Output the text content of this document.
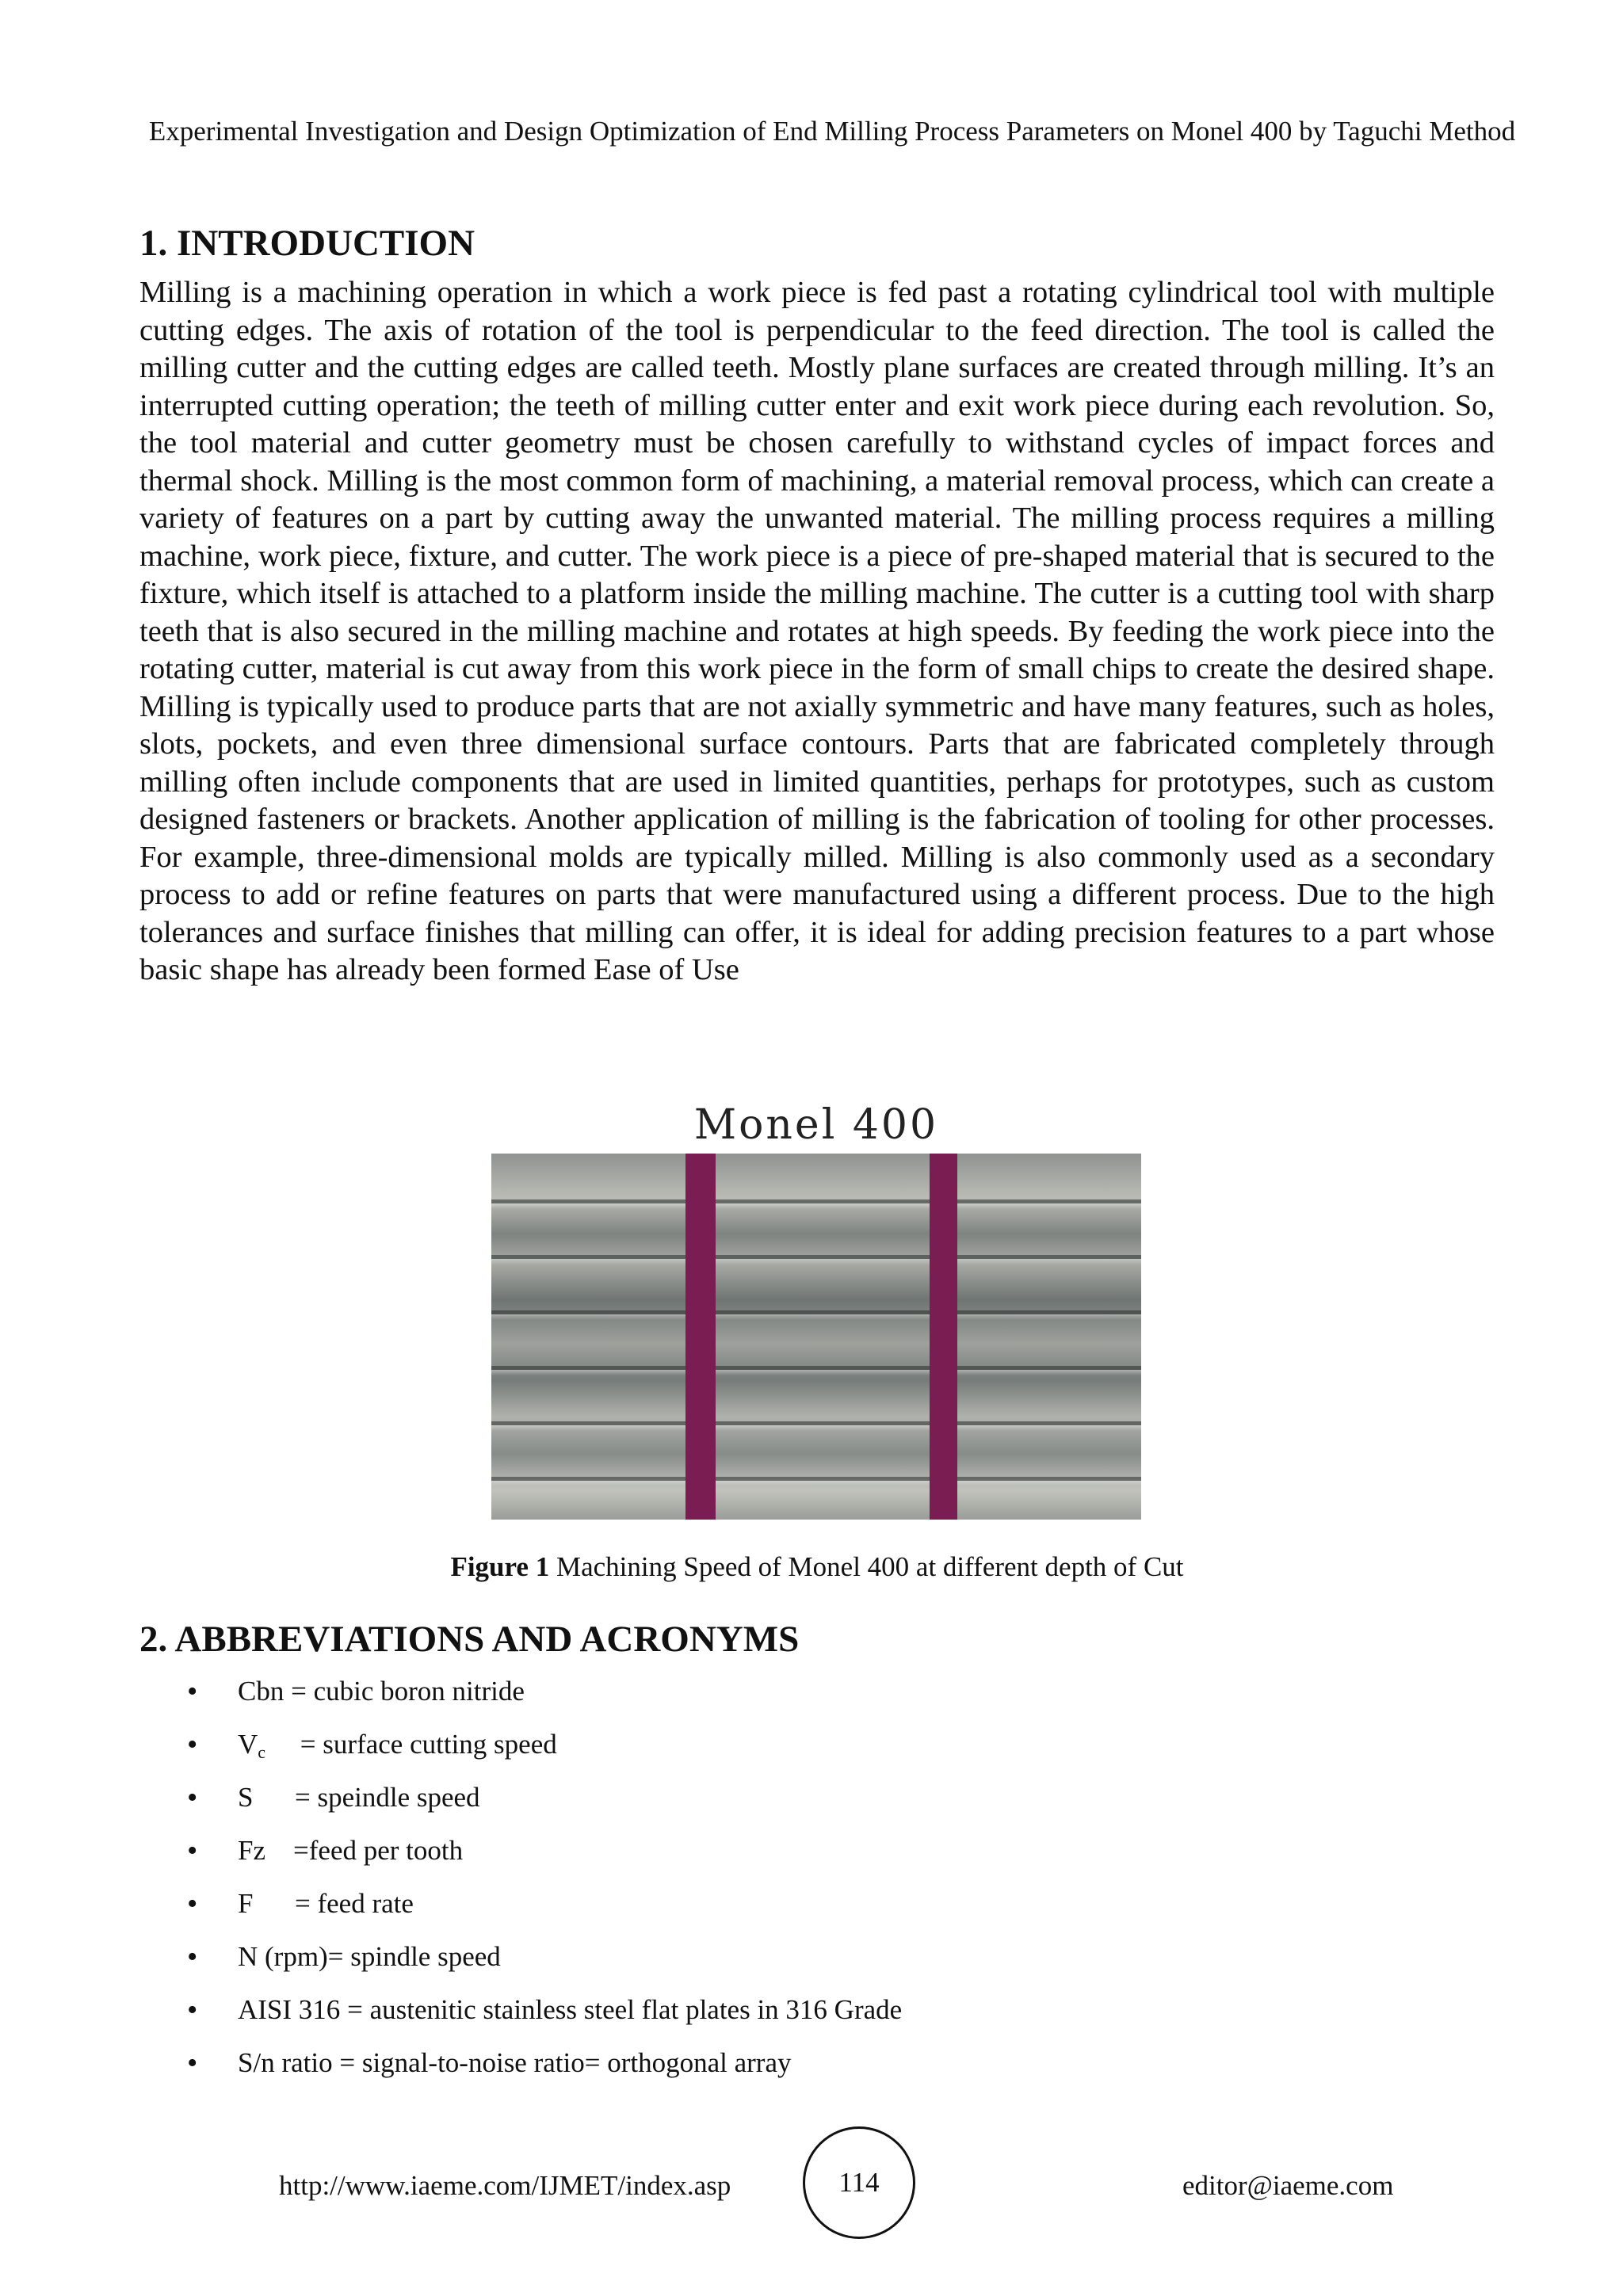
Experimental Investigation and Design Optimization of End Milling Process Parameters on Monel 400 by Taguchi Method
1. INTRODUCTION

Milling is a machining operation in which a work piece is fed past a rotating cylindrical tool with multiple cutting edges. The axis of rotation of the tool is perpendicular to the feed direction. The tool is called the milling cutter and the cutting edges are called teeth. Mostly plane surfaces are created through milling. It’s an interrupted cutting operation; the teeth of milling cutter enter and exit work piece during each revolution. So, the tool material and cutter geometry must be chosen carefully to withstand cycles of impact forces and thermal shock. Milling is the most common form of machining, a material removal process, which can create a variety of features on a part by cutting away the unwanted material. The milling process requires a milling machine, work piece, fixture, and cutter. The work piece is a piece of pre-shaped material that is secured to the fixture, which itself is attached to a platform inside the milling machine. The cutter is a cutting tool with sharp teeth that is also secured in the milling machine and rotates at high speeds. By feeding the work piece into the rotating cutter, material is cut away from this work piece in the form of small chips to create the desired shape. Milling is typically used to produce parts that are not axially symmetric and have many features, such as holes, slots, pockets, and even three dimensional surface contours. Parts that are fabricated completely through milling often include components that are used in limited quantities, perhaps for prototypes, such as custom designed fasteners or brackets. Another application of milling is the fabrication of tooling for other processes. For example, three-dimensional molds are typically milled. Milling is also commonly used as a secondary process to add or refine features on parts that were manufactured using a different process. Due to the high tolerances and surface finishes that milling can offer, it is ideal for adding precision features to a part whose basic shape has already been formed Ease of Use

Monel 400
Figure 1 Machining Speed of Monel 400 at different depth of Cut
2. ABBREVIATIONS AND ACRONYMS
• Cbn = cubic boron nitride
• $V_c$     = surface cutting speed
• S      = speindle speed
• Fz    =feed per tooth
• F      = feed rate
• N (rpm)= spindle speed
• AISI 316 = austenitic stainless steel flat plates in 316 Grade
• S/n ratio = signal-to-noise ratio= orthogonal array
http://www.iaeme.com/IJMET/index.asp	114	editor@iaeme.com
